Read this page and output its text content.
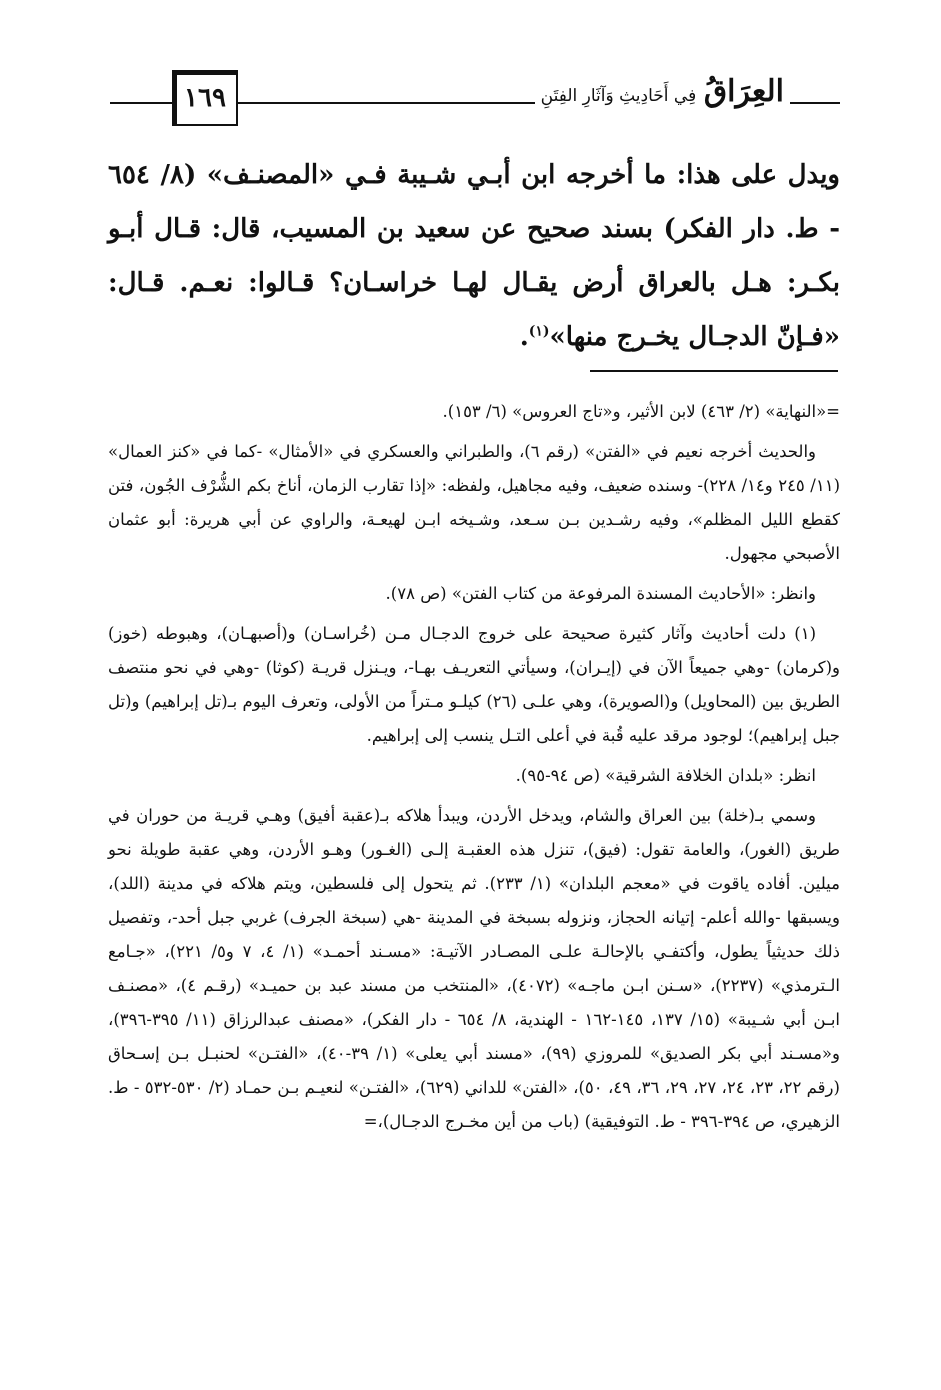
العِرَاقُ فِي أَحَادِيثِ وَآثَارِ الفِتَنِ
١٦٩

ويدل على هذا: ما أخرجه ابن أبـي شـيبة فـي «المصنـف» (٨/ ٦٥٤ - ط. دار الفكر) بسند صحيح عن سعيد بن المسيب، قال: قـال أبـو بكـر: هـل بالعراق أرض يقـال لهـا خراسـان؟ قـالوا: نعـم. قـال: «فـإنّ الدجـال يخـرج منها»$^{(١)}$.

=«النهاية» (٢/ ٤٦٣) لابن الأثير، و«تاج العروس» (٦/ ١٥٣).

والحديث أخرجه نعيم في «الفتن» (رقم ٦)، والطبراني والعسكري في «الأمثال» -كما في «كنز العمال» (١١/ ٢٤٥ و١٤/ ٢٢٨)- وسنده ضعيف، وفيه مجاهيل، ولفظه: «إذا تقارب الزمان، أناخ بكم الشُّرْف الجُون، فتن كقطع الليل المظلم»، وفيه رشـدين بـن سـعد، وشـيخه ابـن لهيعـة، والراوي عن أبي هريرة: أبو عثمان الأصبحي مجهول.

وانظر: «الأحاديث المسندة المرفوعة من كتاب الفتن» (ص ٧٨).

(١) دلت أحاديث وآثار كثيرة صحيحة على خروج الدجـال مـن (خُراسـان) و(أصبهـان)، وهبوطه (خوز) و(كرمان) -وهي جميعاً الآن في (إيـران)، وسيأتي التعريـف بهـا-، ويـنزل قريـة (كوثا) -وهي في نحو منتصف الطريق بين (المحاويل) و(الصويرة)، وهي علـى (٢٦) كيلـو مـتراً من الأولى، وتعرف اليوم بـ(تل إبراهيم) و(تل جبل إبراهيم)؛ لوجود مرقد عليه قُبة في أعلى التـل ينسب إلى إبراهيم.

انظر: «بلدان الخلافة الشرقية» (ص ٩٤-٩٥).

وسمي بـ(خلة) بين العراق والشام، ويدخل الأردن، ويبدأ هلاكه بـ(عقبة أفيق) وهـي قريـة من حوران في طريق (الغور)، والعامة تقول: (فيق)، تنزل هذه العقبـة إلـى (الغـور) وهـو الأردن، وهي عقبة طويلة نحو ميلين. أفاده ياقوت في «معجم البلدان» (١/ ٢٣٣). ثم يتحول إلى فلسطين، ويتم هلاكه في مدينة (اللد)، ويسبقها -والله أعلم- إتيانه الحجاز، ونزوله بسبخة في المدينة -هي (سبخة الجرف) غربي جبل أحد-، وتفصيل ذلك حديثياً يطول، وأكتفـي بالإحالـة علـى المصـادر الآتيـة: «مسـند أحمـد» (١/ ٤، ٧ و٥/ ٢٢١)، «جـامع الـترمذي» (٢٢٣٧)، «سـنن ابـن ماجـه» (٤٠٧٢)، «المنتخب من مسند عبد بن حميـد» (رقـم ٤)، «مصنـف ابـن أبي شـيبة» (١٥/ ١٣٧، ١٤٥-١٦٢ - الهندية، ٨/ ٦٥٤ - دار الفكر)، «مصنف عبدالرزاق (١١/ ٣٩٥-٣٩٦)، و«مسـند أبي بكر الصديق» للمروزي (٩٩)، «مسند أبي يعلى» (١/ ٣٩-٤٠)، «الفتـن» لحنبـل بـن إسـحاق (رقم ٢٢، ٢٣، ٢٤، ٢٧، ٢٩، ٣٦، ٤٩، ٥٠)، «الفتن» للداني (٦٢٩)، «الفتـن» لنعيـم بـن حمـاد (٢/ ٥٣٠-٥٣٢ - ط. الزهيري، ص ٣٩٤-٣٩٦ - ط. التوفيقية) (باب من أين مخـرج الدجـال)،=
